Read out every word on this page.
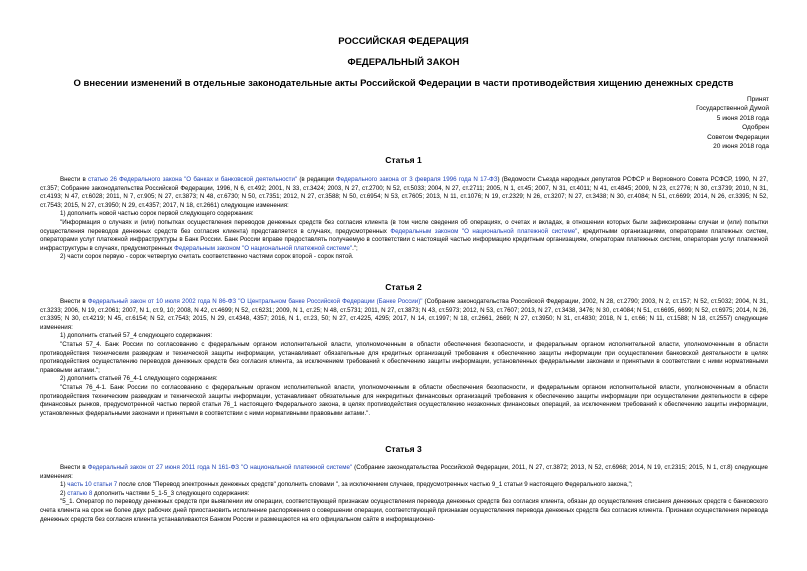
РОССИЙСКАЯ ФЕДЕРАЦИЯ
ФЕДЕРАЛЬНЫЙ ЗАКОН
О внесении изменений в отдельные законодательные акты Российской Федерации в части противодействия хищению денежных средств
Принят
Государственной Думой
5 июня 2018 года
Одобрен
Советом Федерации
20 июня 2018 года
Статья 1

Внести в статью 26 Федерального закона "О банках и банковской деятельности" (в редакции Федерального закона от 3 февраля 1996 года N 17-ФЗ) (Ведомости Съезда народных депутатов РСФСР и Верховного Совета РСФСР, 1990, N 27, ст.357; Собрание законодательства Российской Федерации, 1996, N 6, ст.492; 2001, N 33, ст.3424; 2003, N 27, ст.2700; N 52, ст.5033; 2004, N 27, ст.2711; 2005, N 1, ст.45; 2007, N 31, ст.4011; N 41, ст.4845; 2009, N 23, ст.2776; N 30, ст.3739; 2010, N 31, ст.4193; N 47, ст.6028; 2011, N 7, ст.905; N 27, ст.3873; N 48, ст.6730; N 50, ст.7351; 2012, N 27, ст.3588; N 50, ст.6954; N 53, ст.7605; 2013, N 11, ст.1076; N 19, ст.2329; N 26, ст.3207; N 27, ст.3438; N 30, ст.4084; N 51, ст.6699; 2014, N 26, ст.3395; N 52, ст.7543; 2015, N 27, ст.3950; N 29, ст.4357; 2017, N 18, ст.2661) следующие изменения:

1) дополнить новой частью сорок первой следующего содержания:

"Информация о случаях и (или) попытках осуществления переводов денежных средств без согласия клиента (в том числе сведения об операциях, о счетах и вкладах, в отношении которых были зафиксированы случаи и (или) попытки осуществления переводов денежных средств без согласия клиента) представляется в случаях, предусмотренных Федеральным законом "О национальной платежной системе", кредитными организациями, операторами платежных систем, операторами услуг платежной инфраструктуры в Банк России. Банк России вправе предоставлять получаемую в соответствии с настоящей частью информацию кредитным организациям, операторам платежных систем, операторам услуг платежной инфраструктуры в случаях, предусмотренных Федеральным законом "О национальной платежной системе".";

2) части сорок первую - сорок четвертую считать соответственно частями сорок второй - сорок пятой.

Статья 2

Внести в Федеральный закон от 10 июля 2002 года N 86-ФЗ "О Центральном банке Российской Федерации (Банке России)" (Собрание законодательства Российской Федерации, 2002, N 28, ст.2790; 2003, N 2, ст.157; N 52, ст.5032; 2004, N 31, ст.3233; 2006, N 19, ст.2061; 2007, N 1, ст.9, 10; 2008, N 42, ст.4699; N 52, ст.6231; 2009, N 1, ст.25; N 48, ст.5731; 2011, N 27, ст.3873; N 43, ст.5973; 2012, N 53, ст.7607; 2013, N 27, ст.3438, 3476; N 30, ст.4084; N 51, ст.6695, 6699; N 52, ст.6975; 2014, N 26, ст.3395; N 30, ст.4219; N 45, ст.6154; N 52, ст.7543; 2015, N 29, ст.4348, 4357; 2016, N 1, ст.23, 50; N 27, ст.4225, 4295; 2017, N 14, ст.1997; N 18, ст.2661, 2669; N 27, ст.3950; N 31, ст.4830; 2018, N 1, ст.66; N 11, ст.1588; N 18, ст.2557) следующие изменения:

1) дополнить статьей 57_4 следующего содержания:

"Статья 57_4. Банк России по согласованию с федеральным органом исполнительной власти, уполномоченным в области обеспечения безопасности, и федеральным органом исполнительной власти, уполномоченным в области противодействия техническим разведкам и технической защиты информации, устанавливает обязательные для кредитных организаций требования к обеспечению защиты информации при осуществлении банковской деятельности в целях противодействия осуществлению переводов денежных средств без согласия клиента, за исключением требований к обеспечению защиты информации, установленных федеральными законами и принятыми в соответствии с ними нормативными правовыми актами.";

2) дополнить статьей 76_4-1 следующего содержания:

"Статья 76_4-1. Банк России по согласованию с федеральным органом исполнительной власти, уполномоченным в области обеспечения безопасности, и федеральным органом исполнительной власти, уполномоченным в области противодействия техническим разведкам и технической защиты информации, устанавливает обязательные для некредитных финансовых организаций требования к обеспечению защиты информации при осуществлении деятельности в сфере финансовых рынков, предусмотренной частью первой статьи 76_1 настоящего Федерального закона, в целях противодействия осуществлению незаконных финансовых операций, за исключением требований к обеспечению защиты информации, установленных федеральными законами и принятыми в соответствии с ними нормативными правовыми актами.".

Статья 3

Внести в Федеральный закон от 27 июня 2011 года N 161-ФЗ "О национальной платежной системе" (Собрание законодательства Российской Федерации, 2011, N 27, ст.3872; 2013, N 52, ст.6968; 2014, N 19, ст.2315; 2015, N 1, ст.8) следующие изменения:

1) часть 10 статьи 7 после слов "Перевод электронных денежных средств" дополнить словами ", за исключением случаев, предусмотренных частью 9_1 статьи 9 настоящего Федерального закона,";

2) статью 8 дополнить частями 5_1-5_3 следующего содержания:

"5_1. Оператор по переводу денежных средств при выявлении им операции, соответствующей признакам осуществления перевода денежных средств без согласия клиента, обязан до осуществления списания денежных средств с банковского счета клиента на срок не более двух рабочих дней приостановить исполнение распоряжения о совершении операции, соответствующей признакам осуществления перевода денежных средств без согласия клиента. Признаки осуществления перевода денежных средств без согласия клиента устанавливаются Банком России и размещаются на его официальном сайте в информационно-
